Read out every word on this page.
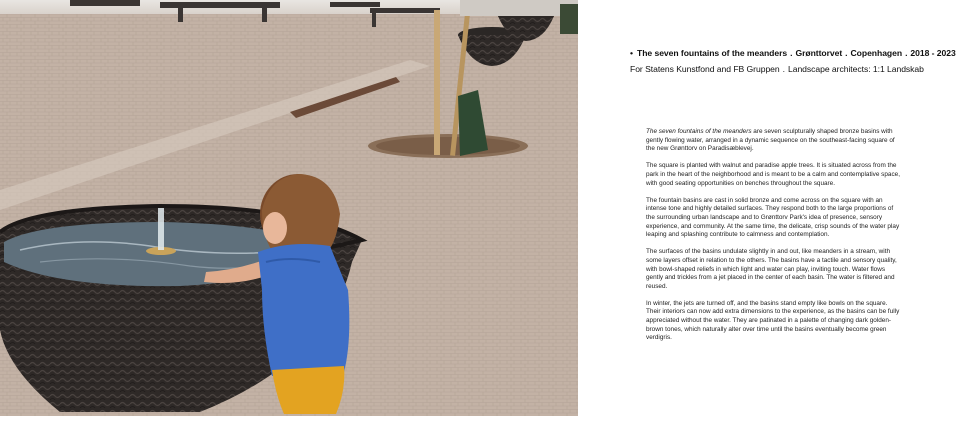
• The seven fountains of the meanders . Grønttorvet . Copenhagen . 2018 - 2023
For Statens Kunstfond and FB Gruppen . Landscape architects: 1:1 Landskab

The seven fountains of the meanders are seven sculpturally shaped bronze basins with gently flowing water, arranged in a dynamic sequence on the southeast-facing square of the new Grønttorv on Paradisæblevej.

The square is planted with walnut and paradise apple trees. It is situated across from the park in the heart of the neighborhood and is meant to be a calm and contemplative space, with good seating opportunities on benches throughout the square.

The fountain basins are cast in solid bronze and come across on the square with an intense tone and highly detailed surfaces. They respond both to the large proportions of the surrounding urban landscape and to Grønttorv Park's idea of presence, sensory experience, and community. At the same time, the delicate, crisp sounds of the water play leaping and splashing contribute to calmness and contemplation.

The surfaces of the basins undulate slightly in and out, like meanders in a stream, with some layers offset in relation to the others. The basins have a tactile and sensory quality, with bowl-shaped reliefs in which light and water can play, inviting touch. Water flows gently and trickles from a jet placed in the center of each basin. The water is filtered and reused.

In winter, the jets are turned off, and the basins stand empty like bowls on the square. Their interiors can now add extra dimensions to the experience, as the basins can be fully appreciated without the water. They are patinated in a palette of changing dark golden-brown tones, which naturally alter over time until the basins eventually become green verdigris.
